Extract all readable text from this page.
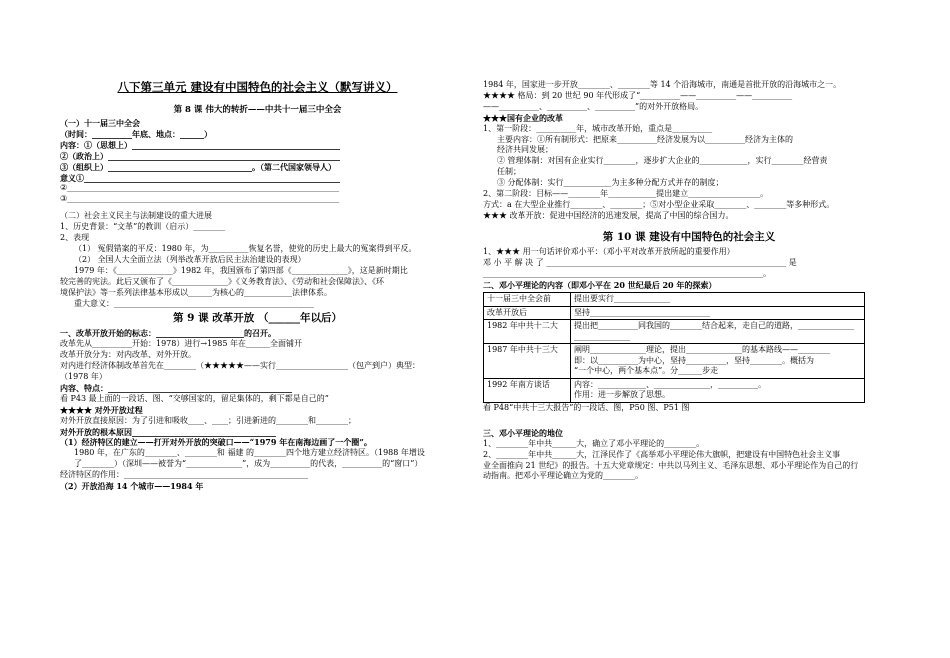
八下第三单元 建设有中国特色的社会主义（默写讲义）
第 8 课 伟大的转折——中共十一届三中全会
（一）十一届三中全会
（时间：__________年底、地点：______）
内容：①（思想上）____________________________________________________
②（政治上）__________________________________________________________
③（组织上）____________________________________。（第二代国家领导人）
意义①________________________________________________________________
②____________________________________________________________________
③____________________________________________________________________
（二）社会主义民主与法制建设的重大进展
1、历史背景：“文革”的教训（启示）________
2、表现
（1） 冤假错案的平反：1980 年，为__________恢复名誉，使党的历史上最大的冤案得到平反。
（2） 全国人大全面立法（列举改革开放后民主法治建设的表现）
1979 年：《______________》1982 年，我国颁布了第四部《______________》，这是新时期比
较完善的宪法。此后又颁布了《______________》《义务教育法》、《劳动和社会保障法》、《环
境保护法》等一系列法律基本形成以______为核心的____________法律体系。
重大意义：__________________________________________________
第 9 课 改革开放 （______年以后）
一、改革开放开始的标志：______________________的召开。
改革先从__________开始：1978）进行→1985 年在______全面铺开
改革开放分为：对内改革、对外开放。
对内进行经济体制改革首先在________（★★★★★——实行__________________（包产到户）典型：
（1978 年）
内容、特点：______________________________________________
看 P43 最上面的一段话、图、“交够国家的，留足集体的，剩下都是自己的”
★★★★ 对外开放过程
对外开放直接原因：为了引进和吸收____、____；引进新进的________和________；
对外开放的根本原因____________________________________
（1）经济特区的建立——打开对外开放的突破口——“1979 年在南海边画了一个圈”。
1980 年，在广东的________、________和 福建 的________四个地方建立经济特区。（1988 年增设
了________）（深圳——被誉为“______________”，成为__________的代表，__________的“窗口”）
经济特区的作用：______________________________________________
（2）开放沿海 14 个城市——1984 年
1984 年，国家进一步开放________、________等 14 个沿海城市，南通是首批开放的沿海城市之一。
★★★★ 格局：到 20 世纪 90 年代形成了“__________——__________——__________
——__________、__________、__________”的对外开放格局。
★★★国有企业的改革
1、第一阶段：__________年，城市改革开始，重点是__________
主要内容：①所有制形式：把原来__________经济发展为以__________经济为主体的
经济共同发展；
② 管理体制：对国有企业实行________，逐步扩大企业的____________，实行________经营责
任制；
③ 分配体制：实行____________为主多种分配方式并存的制度；
2、第二阶段：目标——________年____________提出建立__________________。
方式：a 在大型企业推行________、________；⑤对小型企业采取________、________等多种形式。
★★★ 改革开放：促进中国经济的迅速发展，提高了中国的综合国力。
第 10 课 建设有中国特色的社会主义
1、★★★ 用一句话评价邓小平：（邓小平对改革开放所起的重要作用）
邓 小 平 解 决 了 ____________________________________________________________ 是
______________________________________________________________________。
二、邓小平理论的内容（即邓小平在 20 世纪最后 20 年的探索）
十一届三中全会前	提出要实行______________

改革开放后	坚持______________________________

1982 年中共十二大	提出把__________同我国的________结合起来，走自己的道路，______________
______________

1987 年中共十三大	阐明______________理论，提出______________的基本路线——________
即：以__________为中心，坚持__________，坚持________。概括为
“一个中心，两个基本点”。分______步走

1992 年南方谈话	内容：____________、______________，__________。
作用：进一步解放了思想。
看 P48“中共十三大报告”的一段话、图，P50 图、P51 图
三、邓小平理论的地位
1、________年中共______大，确立了邓小平理论的________。
2、________年中共______大，江泽民作了《高举邓小平理论伟大旗帜，把建设有中国特色社会主义事
业全面推向 21 世纪》的报告。十五大党章规定：中共以马列主义、毛泽东思想、邓小平理论作为自己的行
动指南。把邓小平理论确立为党的________。
